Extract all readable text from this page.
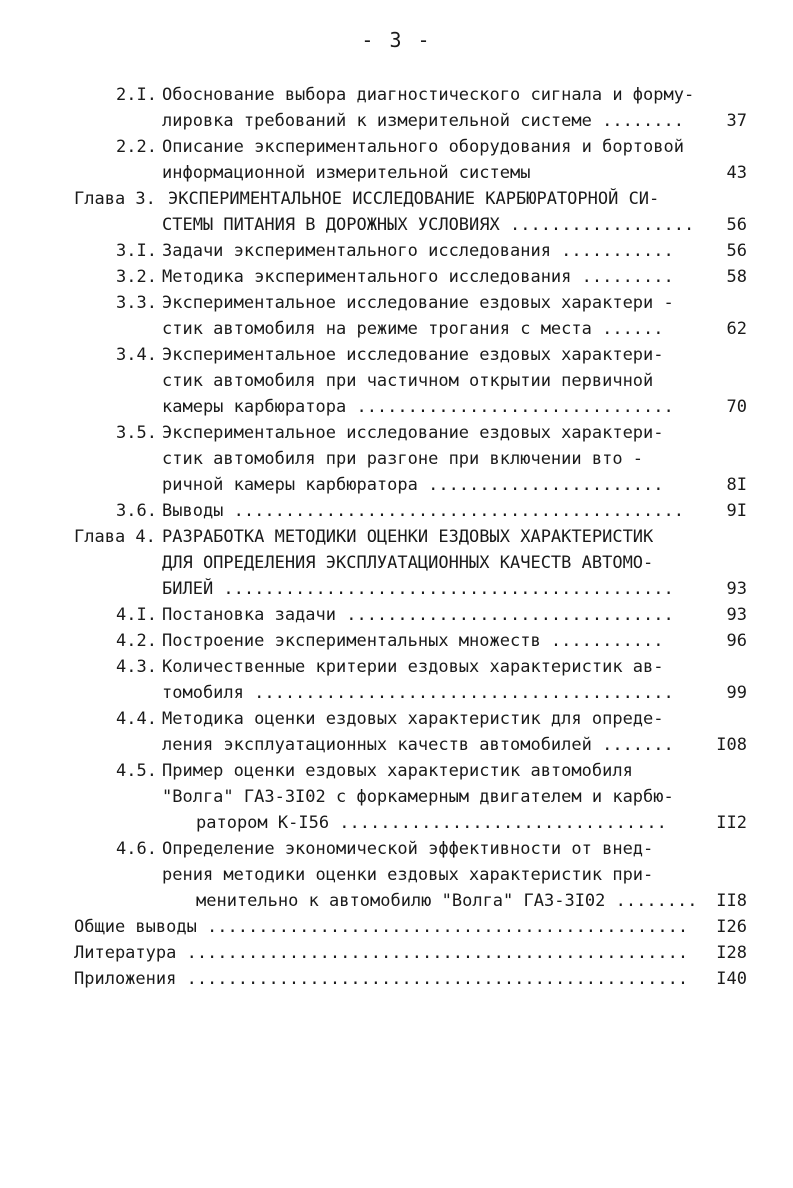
- 3 -
2.I. Обоснование выбора диагностического сигнала и форму-
лировка требований к измерительной системе ........	37
2.2. Описание экспериментального оборудования и бортовой
информационной измерительной системы	43
Глава 3. ЭКСПЕРИМЕНТАЛЬНОЕ ИССЛЕДОВАНИЕ КАРБЮРАТОРНОЙ СИ-
СТЕМЫ ПИТАНИЯ В ДОРОЖНЫХ УСЛОВИЯХ .................. 56
3.I. Задачи экспериментального исследования ...........	56
3.2. Методика экспериментального исследования .........	58
3.3. Экспериментальное исследование ездовых характери -
стик автомобиля на режиме трогания с места ......	62
3.4. Экспериментальное исследование ездовых характери-
стик автомобиля при частичном открытии первичной
камеры карбюратора ...............................	70
3.5. Экспериментальное исследование ездовых характери-
стик автомобиля при разгоне при включении вто -
ричной камеры карбюратора .......................	8I
3.6. Выводы ............................................	9I
Глава 4. РАЗРАБОТКА МЕТОДИКИ ОЦЕНКИ ЕЗДОВЫХ ХАРАКТЕРИСТИК
ДЛЯ ОПРЕДЕЛЕНИЯ ЭКСПЛУАТАЦИОННЫХ КАЧЕСТВ АВТОМО-
БИЛЕЙ ............................................	93
4.I. Постановка задачи ................................	93
4.2. Построение экспериментальных множеств ...........	96
4.3. Количественные критерии ездовых характеристик ав-
томобиля .........................................	99
4.4. Методика оценки ездовых характеристик для опреде-
ления эксплуатационных качеств автомобилей .......	I08
4.5. Пример оценки ездовых характеристик автомобиля
"Волга" ГАЗ-3I02 с форкамерным двигателем и карбю-
ратором К-I56 ................................	II2
4.6. Определение экономической эффективности от внед-
рения методики оценки ездовых характеристик при-
менительно к автомобилю "Волга" ГАЗ-3I02 ........ II8
Общие выводы ............................................... I26
Литература ................................................. I28
Приложения ................................................. I40
